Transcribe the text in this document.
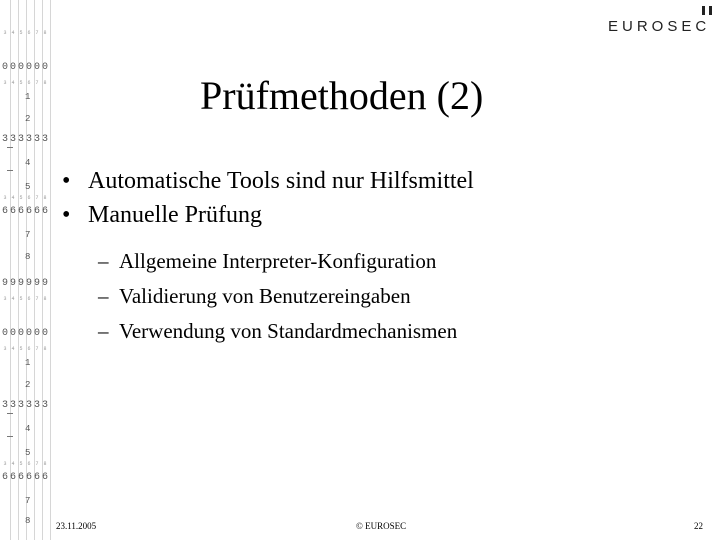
3 4 5 6 7 8
0 0 0 0 0 0
3 4 5 6 7 8
1
2
3 3 3 3 3 3
4
5
3 4 5 6 7 8
6 6 6 6 6 6
7
8
9 9 9 9 9 9
3 4 5 6 7 8
0 0 0 0 0 0
3 4 5 6 7 8
1
2
3 3 3 3 3 3
4
5
3 4 5 6 7 8
6 6 6 6 6 6
7
8
EUROSEC
Prüfmethoden (2)
• Automatische Tools sind nur Hilfsmittel
• Manuelle Prüfung
– Allgemeine Interpreter-Konfiguration
– Validierung von Benutzereingaben
– Verwendung von Standardmechanismen
23.11.2005	© EUROSEC	22
